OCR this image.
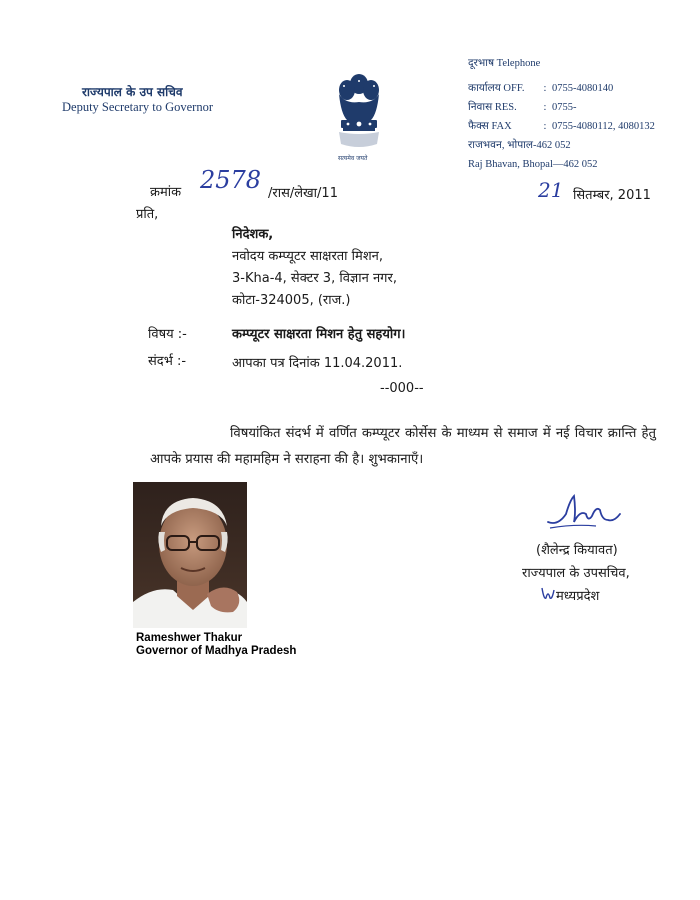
राज्यपाल के उप सचिव
Deputy Secretary to Governor
सत्यमेव जयते
दूरभाष Telephone
कार्यालय OFF. : 0755-4080140
निवास RES.	: 0755-
फैक्स FAX	: 0755-4080112, 4080132
राजभवन, भोपाल-462 052
Raj Bhavan, Bhopal—462 052
क्रमांक 2578 /रास/लेखा/11	21 सितम्बर, 2011
प्रति,
निदेशक,
नवोदय कम्प्यूटर साक्षरता मिशन,
3-Kha-4, सेक्टर 3, विज्ञान नगर,
कोटा-324005, (राज.)
विषय :-	कम्प्यूटर साक्षरता मिशन हेतु सहयोग।
संदर्भ :-	आपका पत्र दिनांक 11.04.2011.
--000--
विषयांकित संदर्भ में वर्णित कम्प्यूटर कोर्सेस के माध्यम से समाज में नई विचार क्रान्ति हेतु आपके प्रयास की महामहिम ने सराहना की है। शुभकानाएँ।
Rameshwer Thakur
Governor of Madhya Pradesh
(शैलेन्द्र कियावत)
राज्यपाल के उपसचिव,
मध्यप्रदेश
